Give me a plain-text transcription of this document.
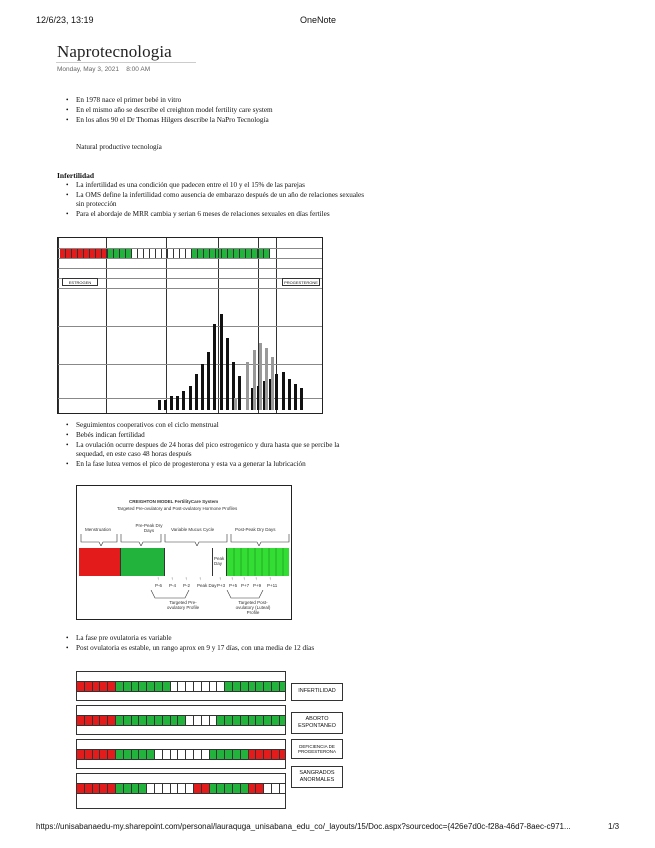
12/6/23, 13:19	OneNote
Naprotecnologia
Monday, May 3, 2021 8:00 AM
• En 1978 nace el primer bebé in vitro
• En el mismo año se describe el creighton model fertility care system
• En los años 90 el Dr Thomas Hilgers describe la NaPro Tecnología
Natural productive tecnología
Infertilidad
• La infertilidad es una condición que padecen entre el 10 y el 15% de las parejas
• La OMS define la infertilidad como ausencia de embarazo después de un año de relaciones sexuales
sin protección
• Para el abordaje de MRR cambia y serian 6 meses de relaciones sexuales en días fertiles
ESTROGEN	PROGESTERONE
• Seguimientos cooperativos con el ciclo menstrual
• Bebés indican fertilidad
• La ovulación ocurre despues de 24 horas del pico estrogenico y dura hasta que se percibe la
sequedad, en este caso 48 horas después
• En la fase lutea vemos el pico de progesterona y esta va a generar la lubricación
CREIGHTON MODEL FertilityCare System
Targeted Pre-ovulatory and Post-ovulatory Hormone Profiles
Menstruation
Pre-Peak Dry Days	Variable Mucus Cycle	Post-Peak Dry Days
Peak Day
↑
P-6
↑
P-4
↑
P-2
↑
Peak Day
↑
P+3
↑
P+5
↑
P+7
↑
P+9
↑
P+11
Targeted Pre-ovulatory Profile
Targeted Post-ovulatory (Luteal) Profile
• La fase pre ovulatoria es variable
• Post ovulatoria es estable, un rango aprox en 9 y 17 días, con una media de 12 días
INFERTILIDAD
ABORTO ESPONTANEO
DEFICIENCIA DE PROGESTERONA
SANGRADOS ANORMALES
https://unisabanaedu-my.sharepoint.com/personal/lauraquga_unisabana_edu_co/_layouts/15/Doc.aspx?sourcedoc={426e7d0c-f28a-46d7-8aec-c971...	1/3
